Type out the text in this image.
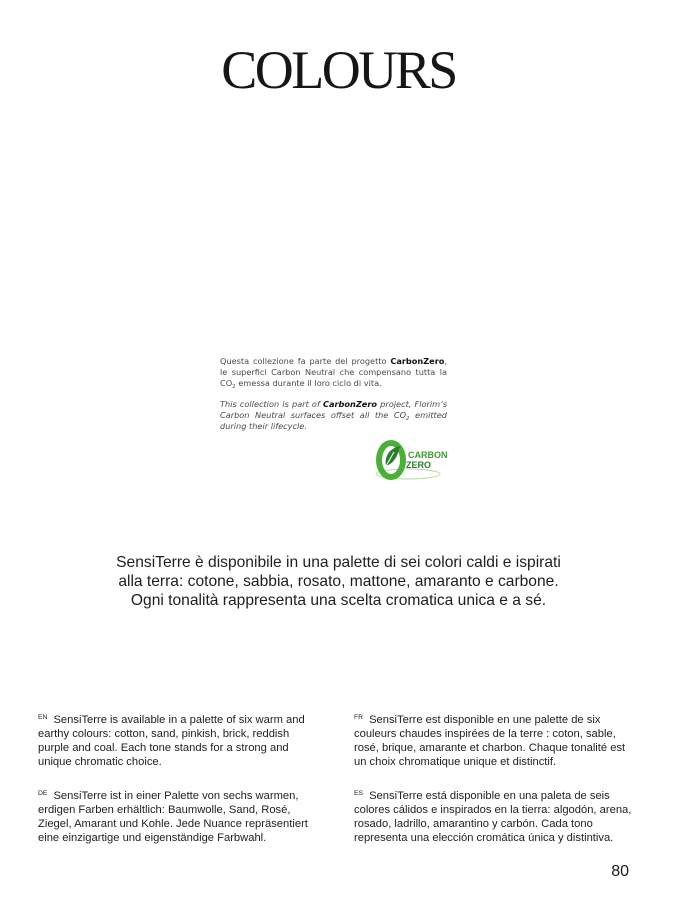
COLOURS
Questa collezione fa parte del progetto CarbonZero, le superfici Carbon Neutral che compensano tutta la $CO_2$ emessa durante il loro ciclo di vita.
This collection is part of CarbonZero project, Florim’s Carbon Neutral surfaces offset all the $CO_2$ emitted during their lifecycle.
CARBON
ZERO
SensiTerre è disponibile in una palette di sei colori caldi e ispirati alla terra: cotone, sabbia, rosato, mattone, amaranto e carbone. Ogni tonalità rappresenta una scelta cromatica unica e a sé.
$^{EN}$ SensiTerre is available in a palette of six warm and earthy colours: cotton, sand, pinkish, brick, reddish purple and coal. Each tone stands for a strong and unique chromatic choice.
$^{FR}$ SensiTerre est disponible en une palette de six couleurs chaudes inspirées de la terre : coton, sable, rosé, brique, amarante et charbon. Chaque tonalité est un choix chromatique unique et distinctif.
$^{DE}$ SensiTerre ist in einer Palette von sechs warmen, erdigen Farben erhältlich: Baumwolle, Sand, Rosé, Ziegel, Amarant und Kohle. Jede Nuance repräsentiert eine einzigartige und eigenständige Farbwahl.
$^{ES}$ SensiTerre está disponible en una paleta de seis colores cálidos e inspirados en la tierra: algodón, arena, rosado, ladrillo, amarantino y carbón. Cada tono representa una elección cromática única y distintiva.
80
